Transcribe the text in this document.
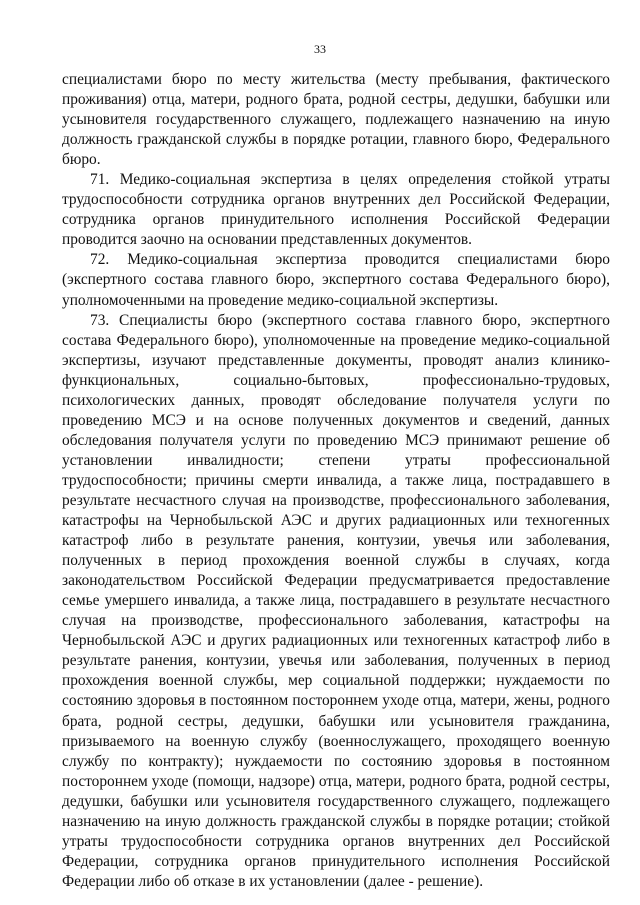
33

специалистами бюро по месту жительства (месту пребывания, фактического проживания) отца, матери, родного брата, родной сестры, дедушки, бабушки или усыновителя государственного служащего, подлежащего назначению на иную должность гражданской службы в порядке ротации, главного бюро, Федерального бюро.

71. Медико-социальная экспертиза в целях определения стойкой утраты трудоспособности сотрудника органов внутренних дел Российской Федерации, сотрудника органов принудительного исполнения Российской Федерации проводится заочно на основании представленных документов.

72. Медико-социальная экспертиза проводится специалистами бюро (экспертного состава главного бюро, экспертного состава Федерального бюро), уполномоченными на проведение медико-социальной экспертизы.

73. Специалисты бюро (экспертного состава главного бюро, экспертного состава Федерального бюро), уполномоченные на проведение медико-социальной экспертизы, изучают представленные документы, проводят анализ клинико-функциональных, социально-бытовых, профессионально-трудовых, психологических данных, проводят обследование получателя услуги по проведению МСЭ и на основе полученных документов и сведений, данных обследования получателя услуги по проведению МСЭ принимают решение об установлении инвалидности; степени утраты профессиональной трудоспособности; причины смерти инвалида, а также лица, пострадавшего в результате несчастного случая на производстве, профессионального заболевания, катастрофы на Чернобыльской АЭС и других радиационных или техногенных катастроф либо в результате ранения, контузии, увечья или заболевания, полученных в период прохождения военной службы в случаях, когда законодательством Российской Федерации предусматривается предоставление семье умершего инвалида, а также лица, пострадавшего в результате несчастного случая на производстве, профессионального заболевания, катастрофы на Чернобыльской АЭС и других радиационных или техногенных катастроф либо в результате ранения, контузии, увечья или заболевания, полученных в период прохождения военной службы, мер социальной поддержки; нуждаемости по состоянию здоровья в постоянном постороннем уходе отца, матери, жены, родного брата, родной сестры, дедушки, бабушки или усыновителя гражданина, призываемого на военную службу (военнослужащего, проходящего военную службу по контракту); нуждаемости по состоянию здоровья в постоянном постороннем уходе (помощи, надзоре) отца, матери, родного брата, родной сестры, дедушки, бабушки или усыновителя государственного служащего, подлежащего назначению на иную должность гражданской службы в порядке ротации; стойкой утраты трудоспособности сотрудника органов внутренних дел Российской Федерации, сотрудника органов принудительного исполнения Российской Федерации либо об отказе в их установлении (далее - решение).
